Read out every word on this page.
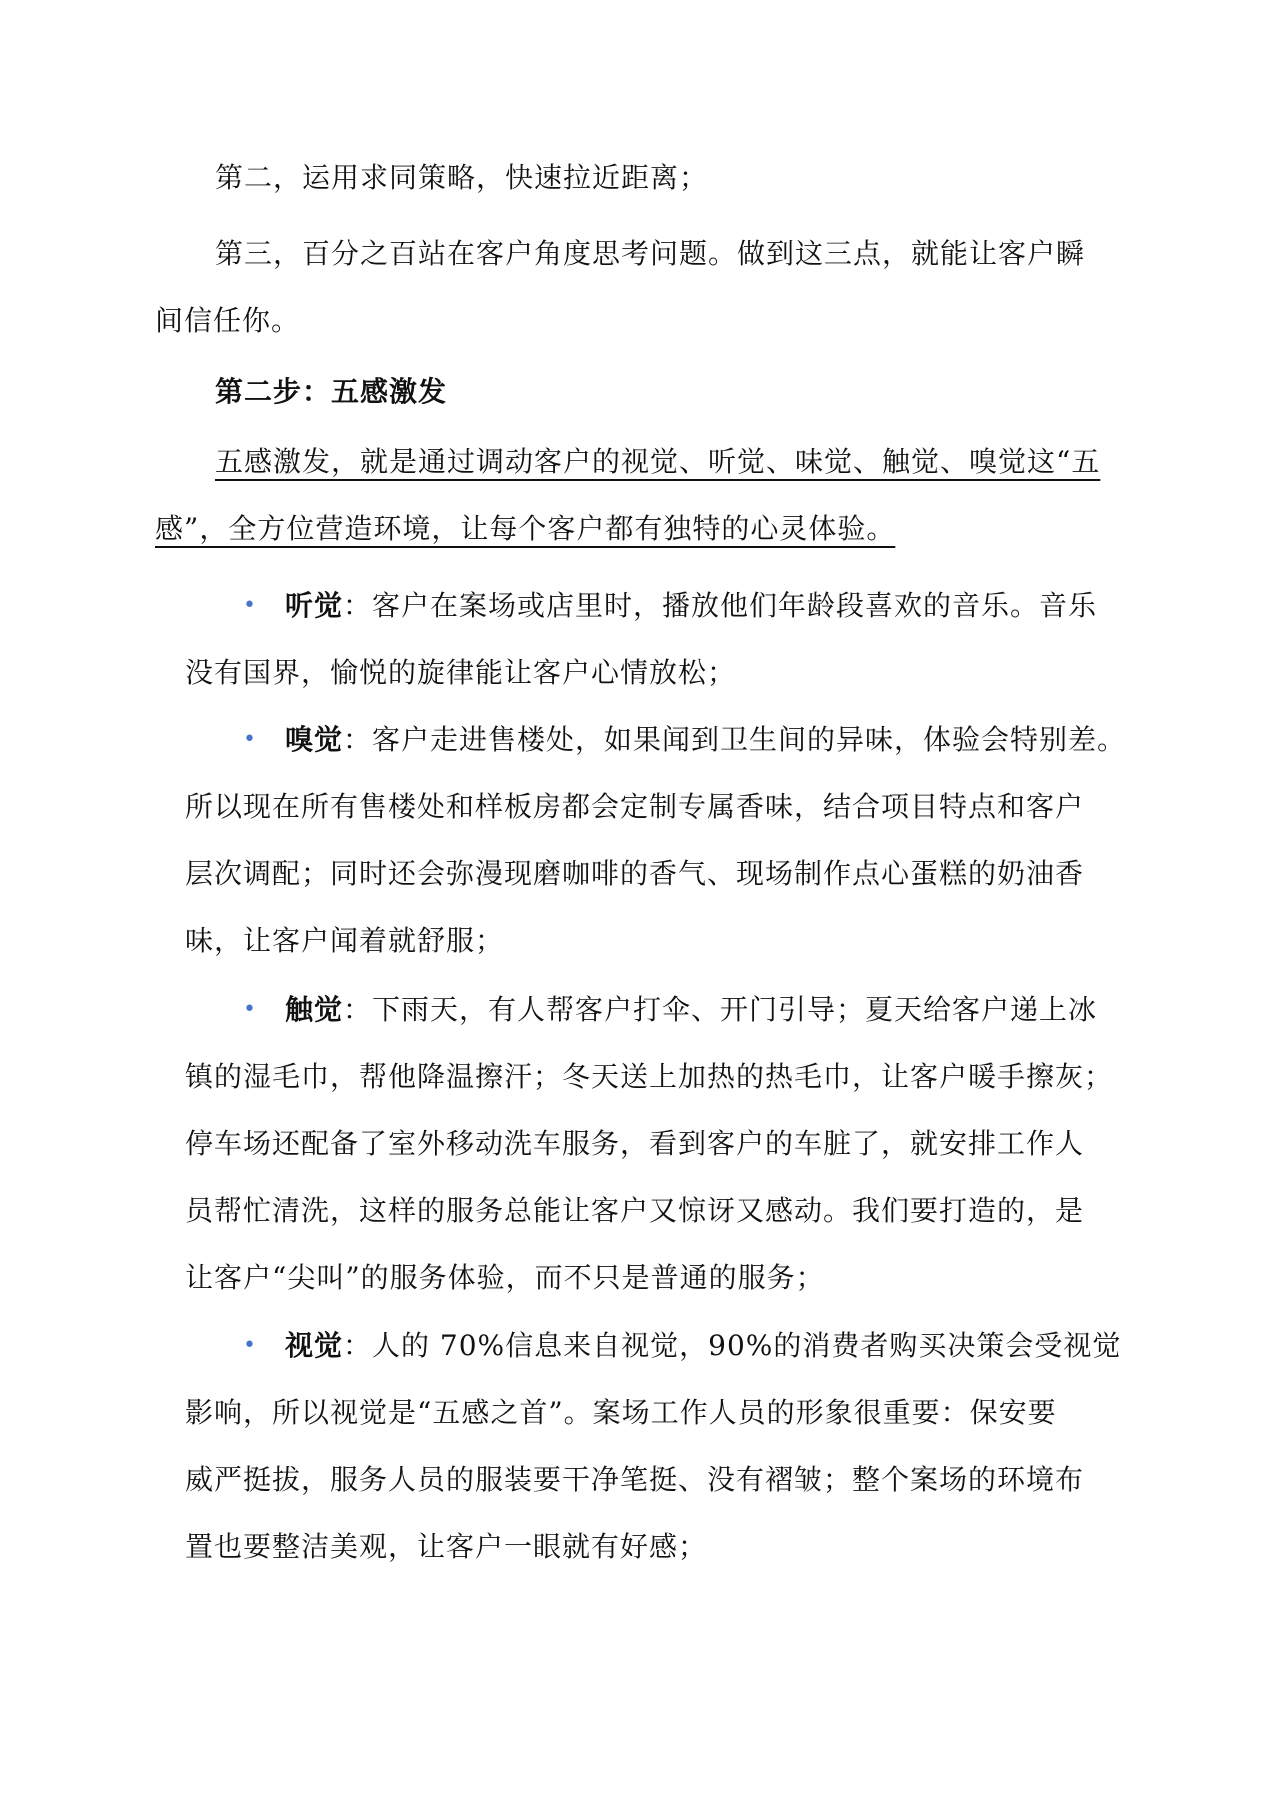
第二，运用求同策略，快速拉近距离；
第三，百分之百站在客户角度思考问题。做到这三点，就能让客户瞬
间信任你。
第二步：五感激发
五感激发，就是通过调动客户的视觉、听觉、味觉、触觉、嗅觉这“五
感”，全方位营造环境，让每个客户都有独特的心灵体验。
• 听觉：客户在案场或店里时，播放他们年龄段喜欢的音乐。音乐
没有国界，愉悦的旋律能让客户心情放松；
• 嗅觉：客户走进售楼处，如果闻到卫生间的异味，体验会特别差。
所以现在所有售楼处和样板房都会定制专属香味，结合项目特点和客户
层次调配；同时还会弥漫现磨咖啡的香气、现场制作点心蛋糕的奶油香
味，让客户闻着就舒服；
• 触觉：下雨天，有人帮客户打伞、开门引导；夏天给客户递上冰
镇的湿毛巾，帮他降温擦汗；冬天送上加热的热毛巾，让客户暖手擦灰；
停车场还配备了室外移动洗车服务，看到客户的车脏了，就安排工作人
员帮忙清洗，这样的服务总能让客户又惊讶又感动。我们要打造的，是
让客户“尖叫”的服务体验，而不只是普通的服务；
• 视觉：人的 70%信息来自视觉，90%的消费者购买决策会受视觉
影响，所以视觉是“五感之首”。案场工作人员的形象很重要：保安要
威严挺拔，服务人员的服装要干净笔挺、没有褶皱；整个案场的环境布
置也要整洁美观，让客户一眼就有好感；
